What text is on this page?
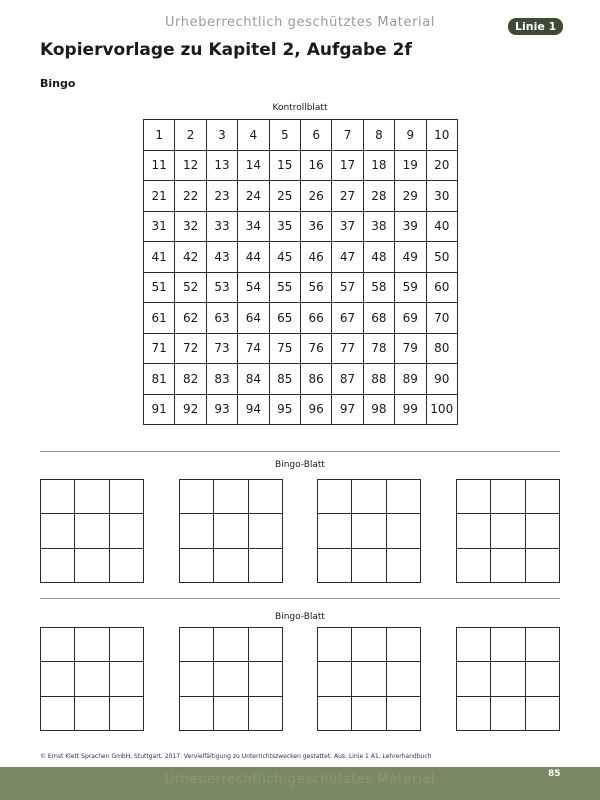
Urheberrechtlich geschütztes Material	Linie 1
Kopiervorlage zu Kapitel 2, Aufgabe 2f
Bingo
Kontrollblatt
1	2	3	4	5	6	7	8	9	10
11	12	13	14	15	16	17	18	19	20
21	22	23	24	25	26	27	28	29	30
31	32	33	34	35	36	37	38	39	40
41	42	43	44	45	46	47	48	49	50
51	52	53	54	55	56	57	58	59	60
61	62	63	64	65	66	67	68	69	70
71	72	73	74	75	76	77	78	79	80
81	82	83	84	85	86	87	88	89	90
91	92	93	94	95	96	97	98	99	100
Bingo-Blatt

Bingo-Blatt

© Ernst Klett Sprachen GmbH, Stuttgart, 2017. Vervielfältigung zu Unterrichtszwecken gestattet. Aus: Linie 1 A1, Lehrerhandbuch
Urheberrechtlich geschütztes Material	85
